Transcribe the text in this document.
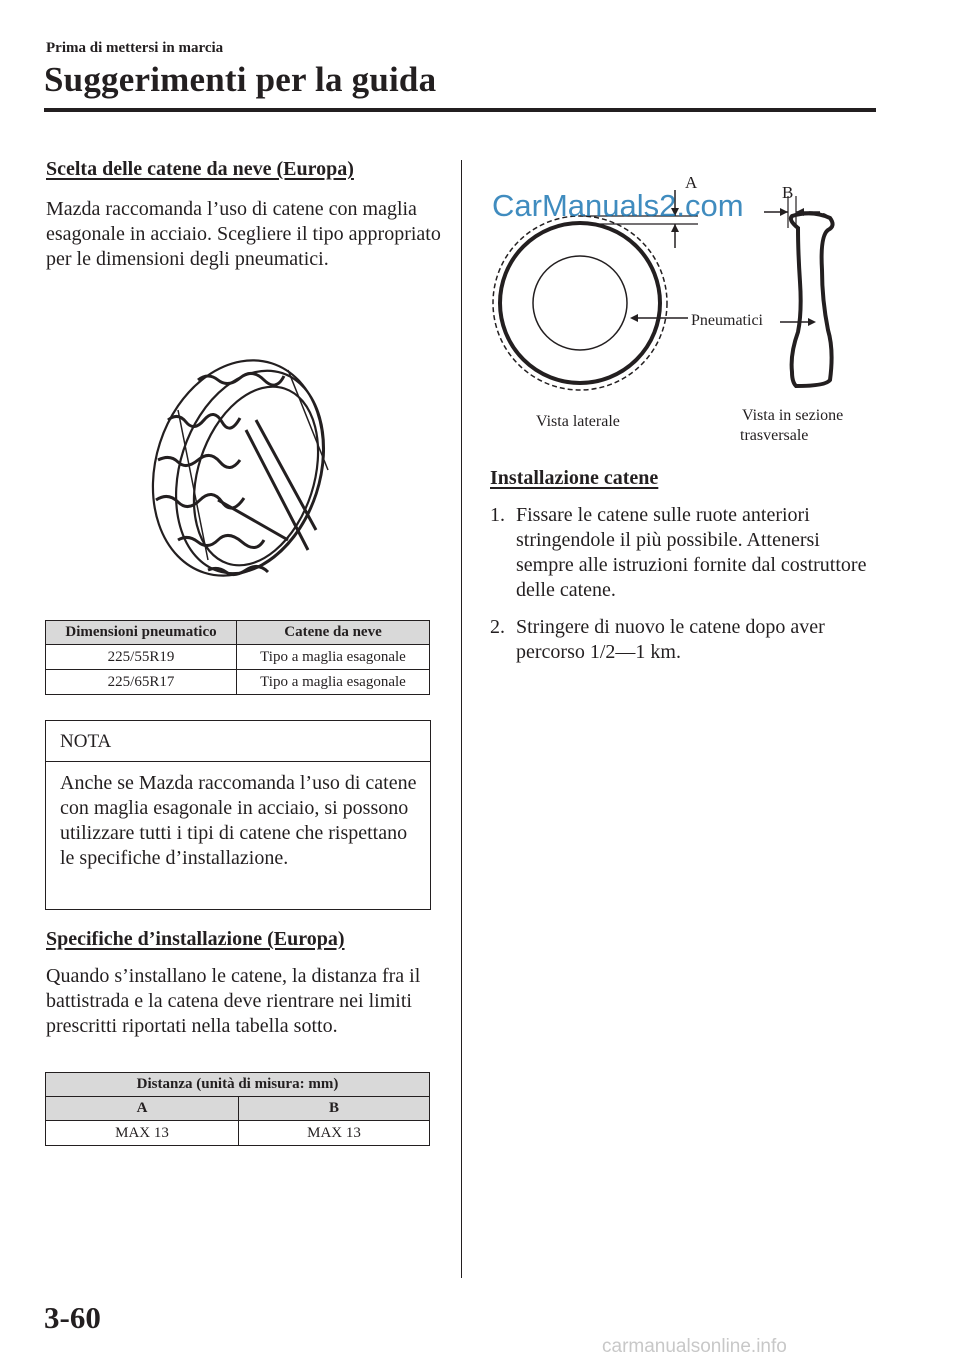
Prima di mettersi in marcia
Suggerimenti per la guida
Scelta delle catene da neve (Europa)
Mazda raccomanda l’uso di catene con maglia esagonale in acciaio. Scegliere il tipo appropriato per le dimensioni degli pneumatici.
Dimensioni pneumatico	Catene da neve
225/55R19	Tipo a maglia esagonale
225/65R17	Tipo a maglia esagonale
NOTA
Anche se Mazda raccomanda l’uso di catene con maglia esagonale in acciaio, si possono utilizzare tutti i tipi di catene che rispettano le specifiche d’installazione.
Specifiche d’installazione (Europa)
Quando s’installano le catene, la distanza fra il battistrada e la catena deve rientrare nei limiti prescritti riportati nella tabella sotto.
Distanza (unità di misura: mm)	
A	B
MAX 13	MAX 13
A
B
Pneumatici
Vista laterale	Vista in sezione
trasversale
CarManuals2.com
Installazione catene
1. Fissare le catene sulle ruote anteriori stringendole il più possibile. Attenersi sempre alle istruzioni fornite dal costruttore delle catene.
2. Stringere di nuovo le catene dopo aver percorso 1/2—1 km.
3-60
carmanualsonline.info
